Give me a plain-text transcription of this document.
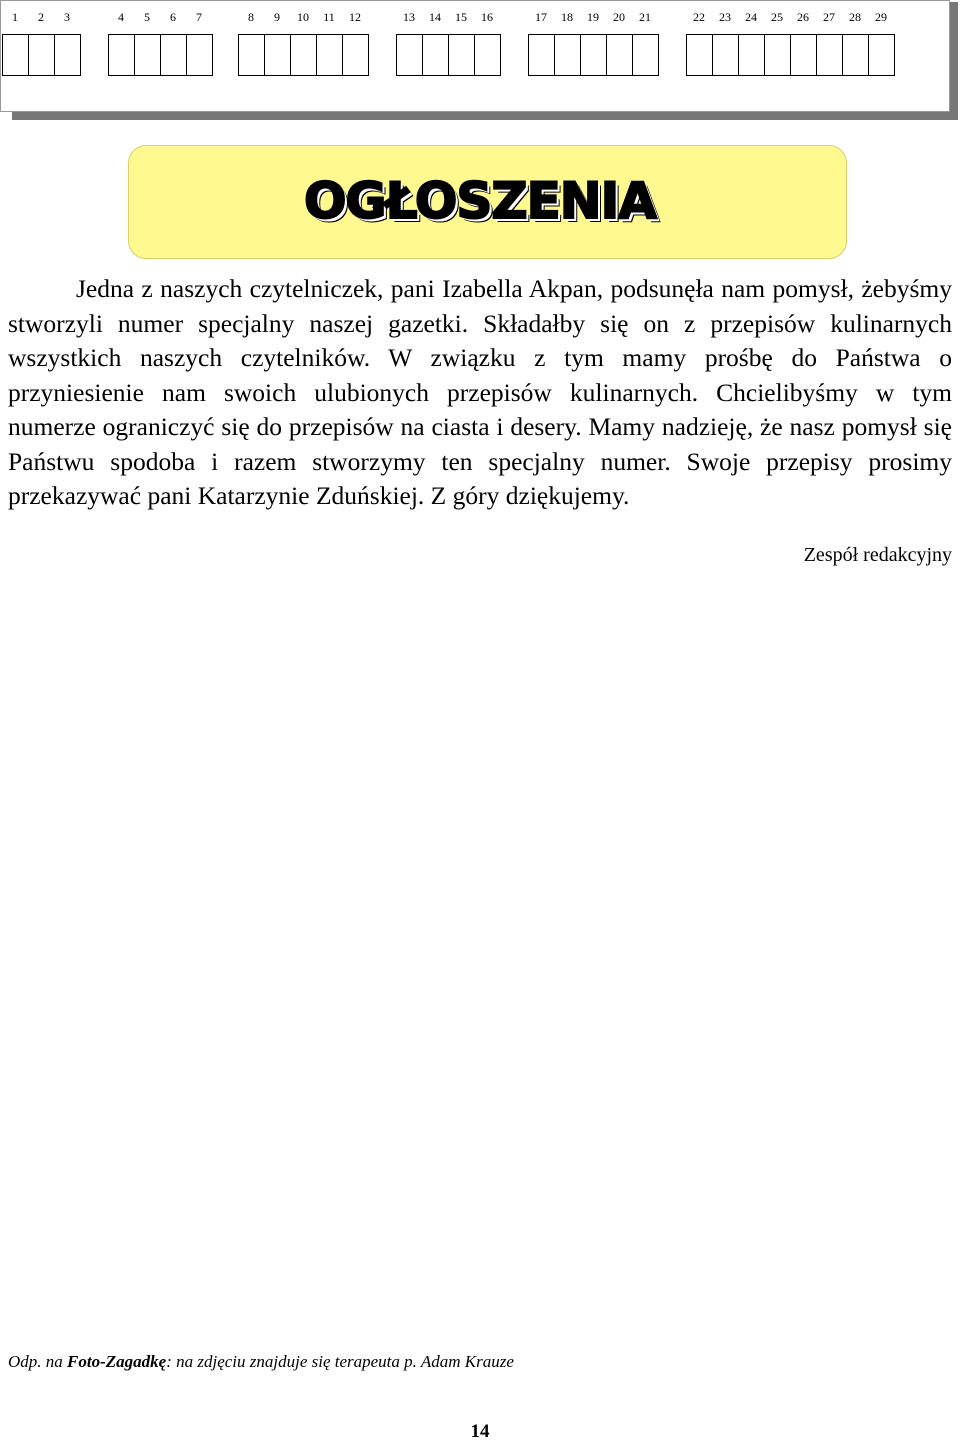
1	2	3	4	5	6	7	8	9	10	11	12	13	14	15	16	17	18	19	20	21	22	23	24	25	26	27	28	29
OGŁOSZENIA

Jedna z naszych czytelniczek, pani Izabella Akpan, podsunęła nam pomysł, żebyśmy stworzyli numer specjalny naszej gazetki. Składałby się on z przepisów kulinarnych wszystkich naszych czytelników. W związku z tym mamy prośbę do Państwa o przyniesienie nam swoich ulubionych przepisów kulinarnych. Chcielibyśmy w tym numerze ograniczyć się do przepisów na ciasta i desery. Mamy nadzieję, że nasz pomysł się Państwu spodoba i razem stworzymy ten specjalny numer. Swoje przepisy prosimy przekazywać pani Katarzynie Zduńskiej. Z góry dziękujemy.

Zespół redakcyjny
Odp. na Foto-Zagadkę: na zdjęciu znajduje się terapeuta p. Adam Krauze
14
